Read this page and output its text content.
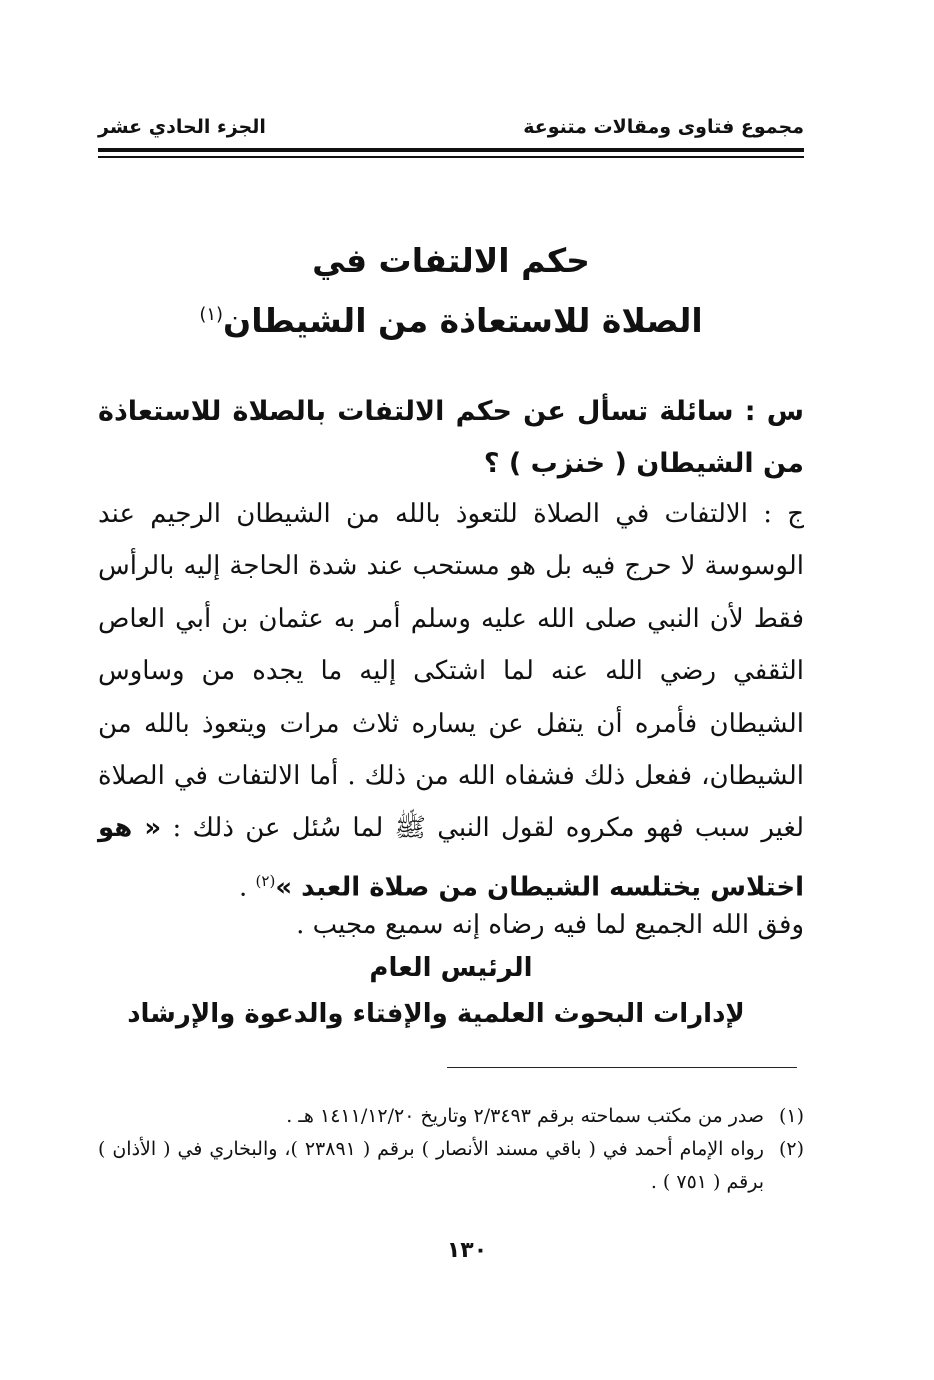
مجموع فتاوى ومقالات متنوعة
الجزء الحادي عشر
حكم الالتفات في
الصلاة للاستعاذة من الشيطان$^{(١)}$
س : سائلة تسأل عن حكم الالتفات بالصلاة للاستعاذة من الشيطان ( خنزب ) ؟
ج : الالتفات في الصلاة للتعوذ بالله من الشيطان الرجيم عند الوسوسة لا حرج فيه بل هو مستحب عند شدة الحاجة إليه بالرأس فقط لأن النبي صلى الله عليه وسلم أمر به عثمان بن أبي العاص الثقفي رضي الله عنه لما اشتكى إليه ما يجده من وساوس الشيطان فأمره أن يتفل عن يساره ثلاث مرات ويتعوذ بالله من الشيطان، ففعل ذلك فشفاه الله من ذلك . أما الالتفات في الصلاة لغير سبب فهو مكروه لقول النبي ﷺ لما سُئل عن ذلك : « هو اختلاس يختلسه الشيطان من صلاة العبد »$^{(٢)}$ .
وفق الله الجميع لما فيه رضاه إنه سميع مجيب .
الرئيس العام
لإدارات البحوث العلمية والإفتاء والدعوة والإرشاد
(١)
صدر من مكتب سماحته برقم ٢/٣٤٩٣ وتاريخ ١٤١١/١٢/٢٠ هـ .
(٢)
رواه الإمام أحمد في ( باقي مسند الأنصار ) برقم ( ٢٣٨٩١ )، والبخاري في ( الأذان ) برقم ( ٧٥١ ) .
١٣٠
